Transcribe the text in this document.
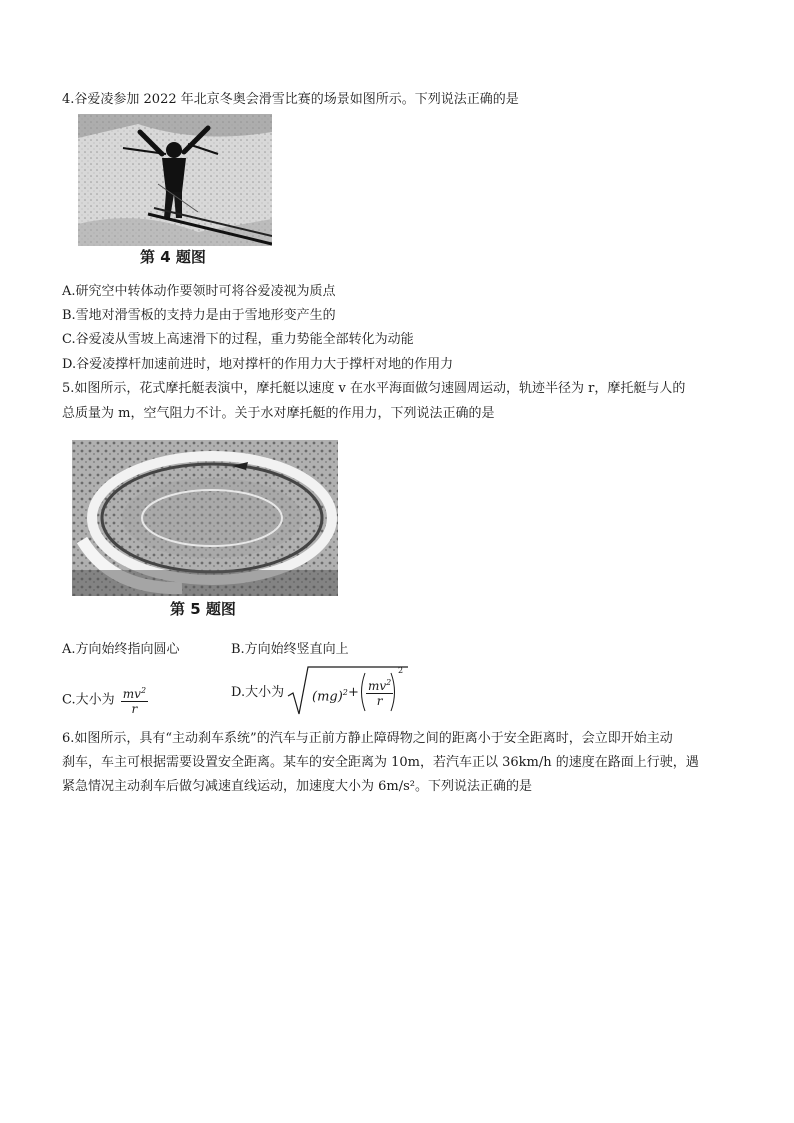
4.谷爱凌参加 2022 年北京冬奥会滑雪比赛的场景如图所示。下列说法正确的是
第 4 题图
A.研究空中转体动作要领时可将谷爱凌视为质点
B.雪地对滑雪板的支持力是由于雪地形变产生的
C.谷爱凌从雪坡上高速滑下的过程，重力势能全部转化为动能
D.谷爱凌撑杆加速前进时，地对撑杆的作用力大于撑杆对地的作用力
5.如图所示，花式摩托艇表演中，摩托艇以速度 v 在水平海面做匀速圆周运动，轨迹半径为 r，摩托艇与人的
总质量为 m，空气阻力不计。关于水对摩托艇的作用力，下列说法正确的是
第 5 题图
A.方向始终指向圆心	B.方向始终竖直向上
C.大小为 $\frac{mv^2}{r}$	D.大小为 $(mg)^2 + \frac{mv^2}{r}$
2
6.如图所示，具有“主动刹车系统”的汽车与正前方静止障碍物之间的距离小于安全距离时，会立即开始主动
刹车，车主可根据需要设置安全距离。某车的安全距离为 10m，若汽车正以 36km/h 的速度在路面上行驶，遇
紧急情况主动刹车后做匀减速直线运动，加速度大小为 6m/s²。下列说法正确的是
